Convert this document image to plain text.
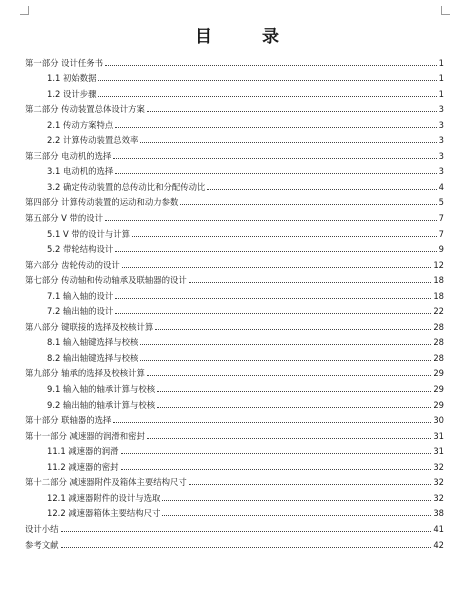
目 录
第一部分 设计任务书	1
1.1 初始数据	1
1.2 设计步骤	1
第二部分 传动装置总体设计方案	3
2.1 传动方案特点	3
2.2 计算传动装置总效率	3
第三部分 电动机的选择	3
3.1 电动机的选择	3
3.2 确定传动装置的总传动比和分配传动比	4
第四部分 计算传动装置的运动和动力参数	5
第五部分 V 带的设计	7
5.1 V 带的设计与计算	7
5.2 带轮结构设计	9
第六部分 齿轮传动的设计	12
第七部分 传动轴和传动轴承及联轴器的设计	18
7.1 输入轴的设计	18
7.2 输出轴的设计	22
第八部分 键联接的选择及校核计算	28
8.1 输入轴键选择与校核	28
8.2 输出轴键选择与校核	28
第九部分 轴承的选择及校核计算	29
9.1 输入轴的轴承计算与校核	29
9.2 输出轴的轴承计算与校核	29
第十部分 联轴器的选择	30
第十一部分 减速器的润滑和密封	31
11.1 减速器的润滑	31
11.2 减速器的密封	32
第十二部分 减速器附件及箱体主要结构尺寸	32
12.1 减速器附件的设计与选取	32
12.2 减速器箱体主要结构尺寸	38
设计小结	41
参考文献	42
